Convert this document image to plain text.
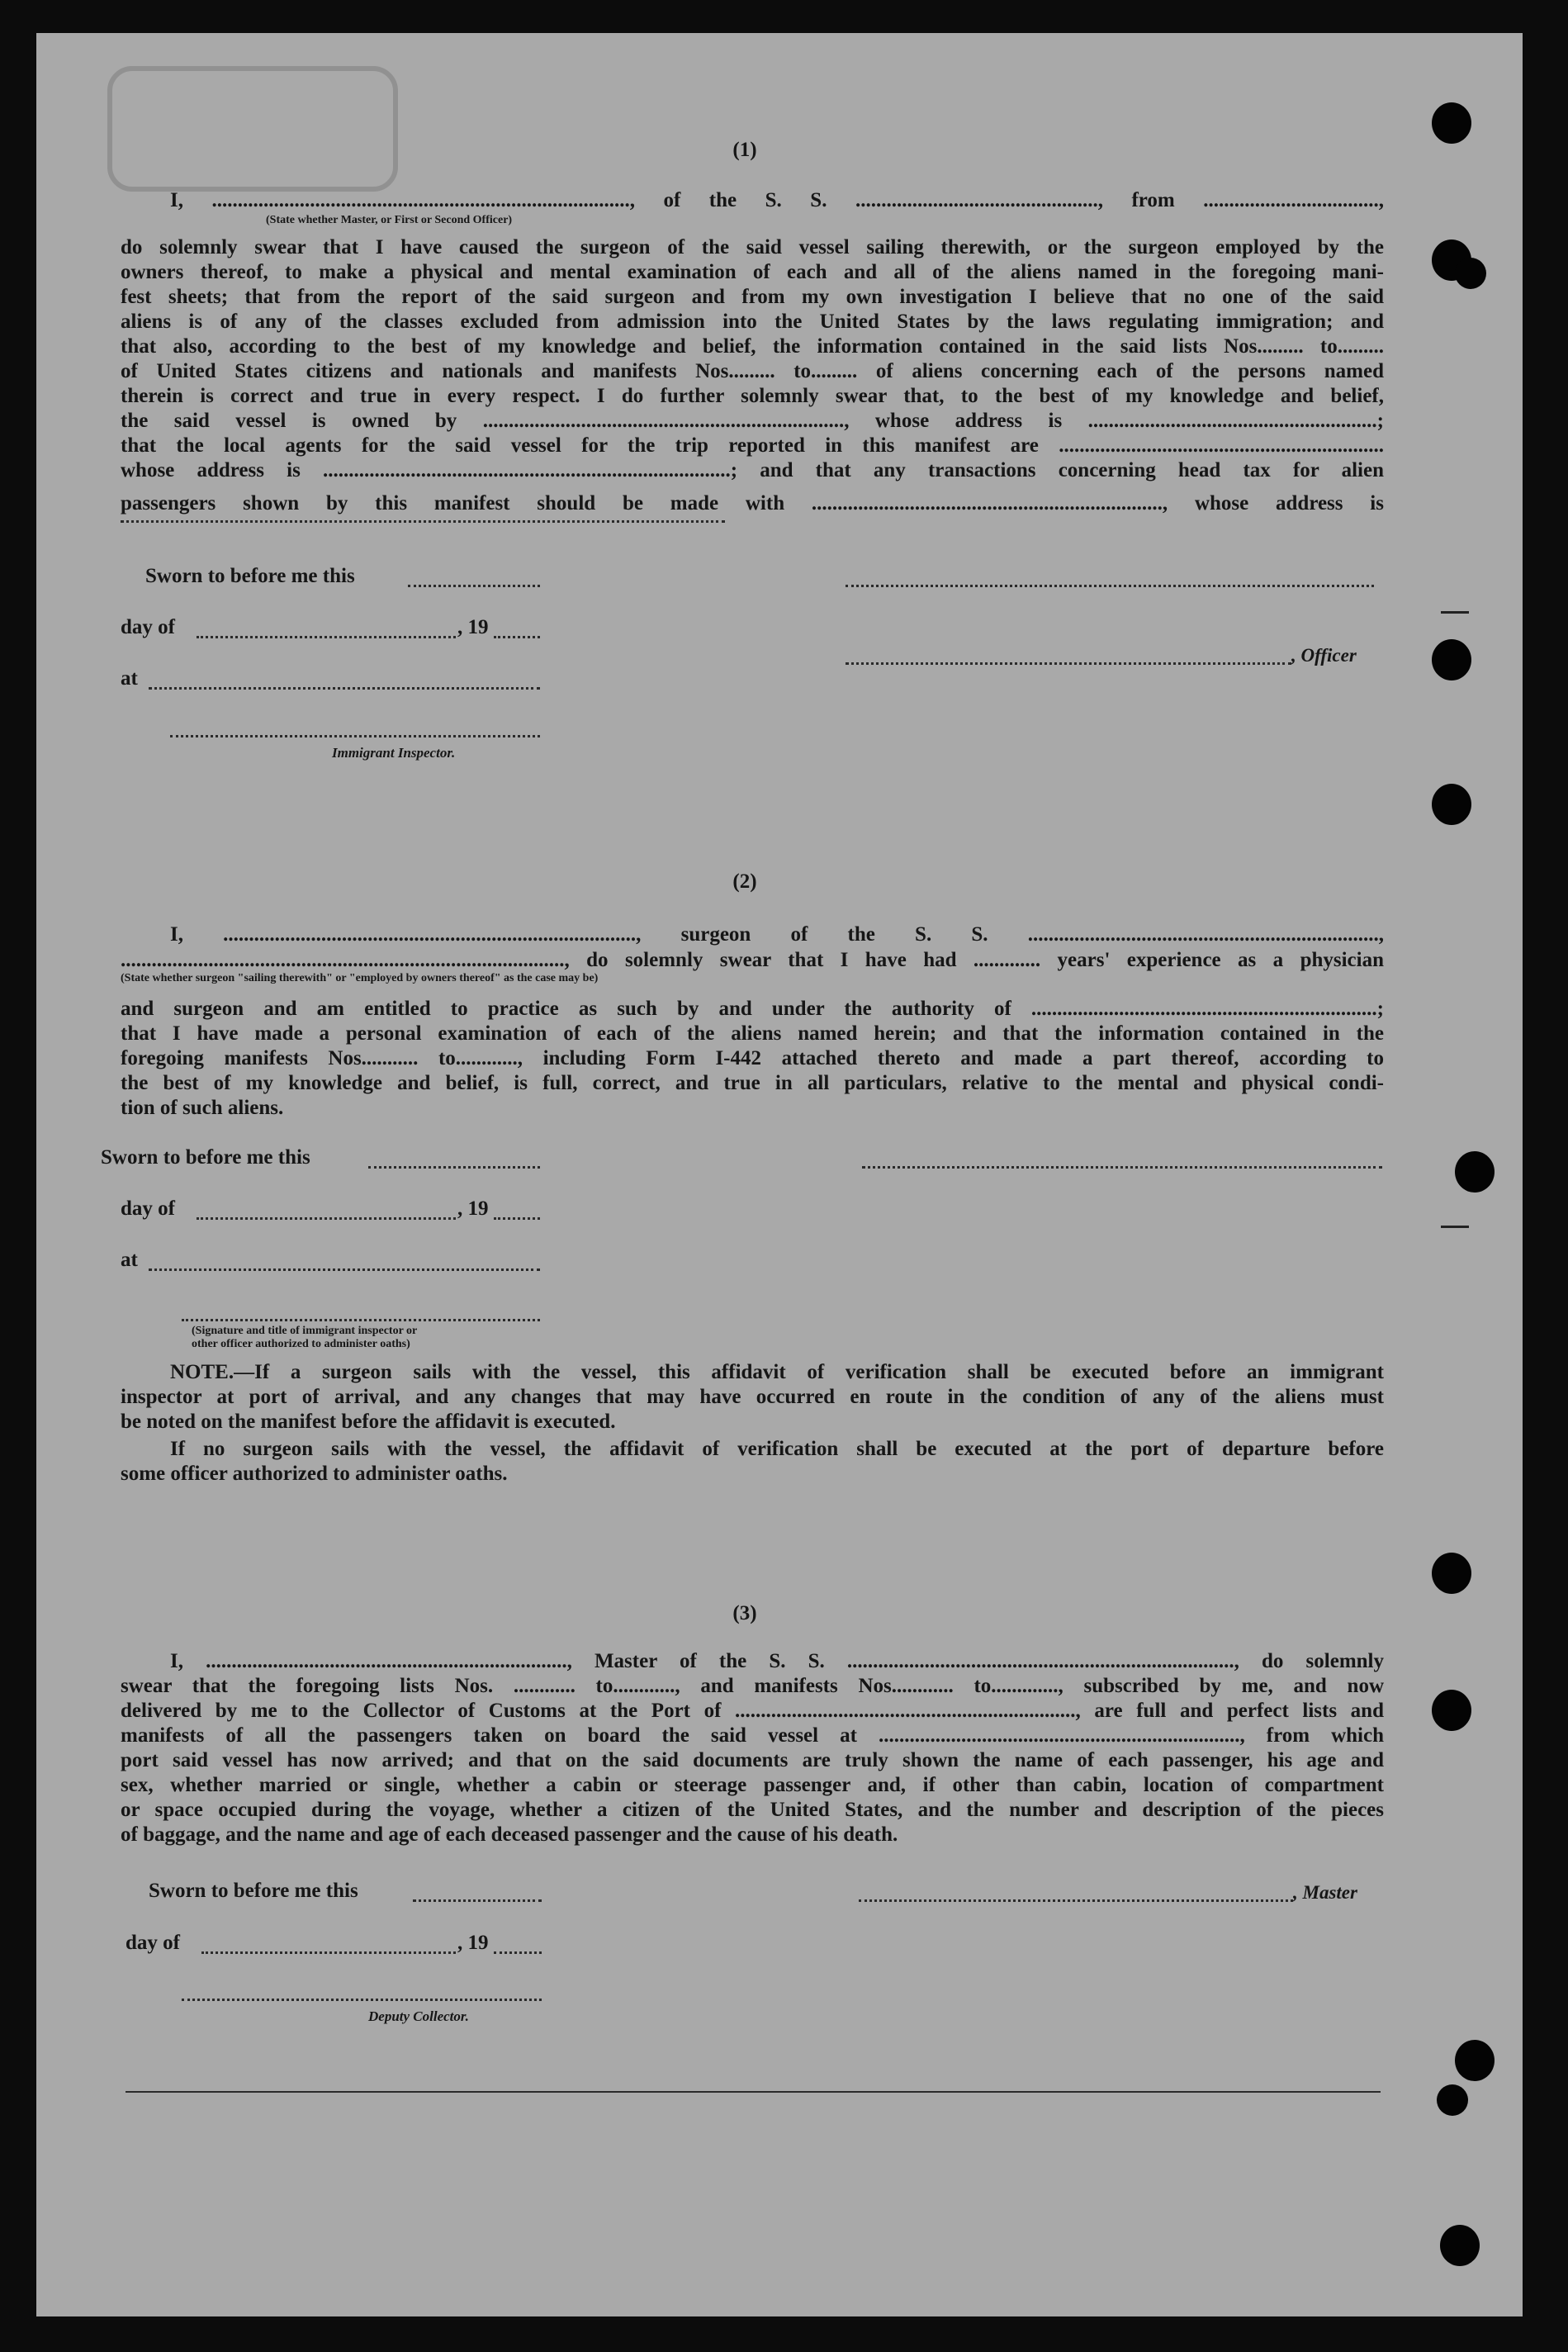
(1)
I, ................................................................................., of the S. S. ..............................................., from ..................................,
(State whether Master, or First or Second Officer)
do solemnly swear that I have caused the surgeon of the said vessel sailing therewith, or the surgeon employed by the
owners thereof, to make a physical and mental examination of each and all of the aliens named in the foregoing mani-
fest sheets; that from the report of the said surgeon and from my own investigation I believe that no one of the said
aliens is of any of the classes excluded from admission into the United States by the laws regulating immigration; and
that also, according to the best of my knowledge and belief, the information contained in the said lists Nos......... to.........
of United States citizens and nationals and manifests Nos......... to......... of aliens concerning each of the persons named
therein is correct and true in every respect. I do further solemnly swear that, to the best of my knowledge and belief,
the said vessel is owned by ......................................................................, whose address is ........................................................;
that the local agents for the said vessel for the trip reported in this manifest are ...............................................................
whose address is ...............................................................................; and that any transactions concerning head tax for alien
passengers shown by this manifest should be made with ...................................................................., whose address is
Sworn to before me this
day of	, 19
, Officer
at
Immigrant Inspector.
(2)
I, ................................................................................, surgeon of the S. S. ....................................................................,
......................................................................................, do solemnly swear that I have had ............. years' experience as a physician
(State whether surgeon "sailing therewith" or "employed by owners thereof" as the case may be)
and surgeon and am entitled to practice as such by and under the authority of ...................................................................;
that I have made a personal examination of each of the aliens named herein; and that the information contained in the
foregoing manifests Nos........... to............, including Form I-442 attached thereto and made a part thereof, according to
the best of my knowledge and belief, is full, correct, and true in all particulars, relative to the mental and physical condi-
tion of such aliens.
Sworn to before me this
day of	, 19
at
(Signature and title of immigrant inspector or
other officer authorized to administer oaths)
NOTE.—If a surgeon sails with the vessel, this affidavit of verification shall be executed before an immigrant
inspector at port of arrival, and any changes that may have occurred en route in the condition of any of the aliens must
be noted on the manifest before the affidavit is executed.
If no surgeon sails with the vessel, the affidavit of verification shall be executed at the port of departure before
some officer authorized to administer oaths.
(3)
I, ......................................................................, Master of the S. S. ..........................................................................., do solemnly
swear that the foregoing lists Nos. ............ to............, and manifests Nos............ to............., subscribed by me, and now
delivered by me to the Collector of Customs at the Port of .................................................................., are full and perfect lists and
manifests of all the passengers taken on board the said vessel at ......................................................................, from which
port said vessel has now arrived; and that on the said documents are truly shown the name of each passenger, his age and
sex, whether married or single, whether a cabin or steerage passenger and, if other than cabin, location of compartment
or space occupied during the voyage, whether a citizen of the United States, and the number and description of the pieces
of baggage, and the name and age of each deceased passenger and the cause of his death.
Sworn to before me this	, Master
day of	, 19
Deputy Collector.
